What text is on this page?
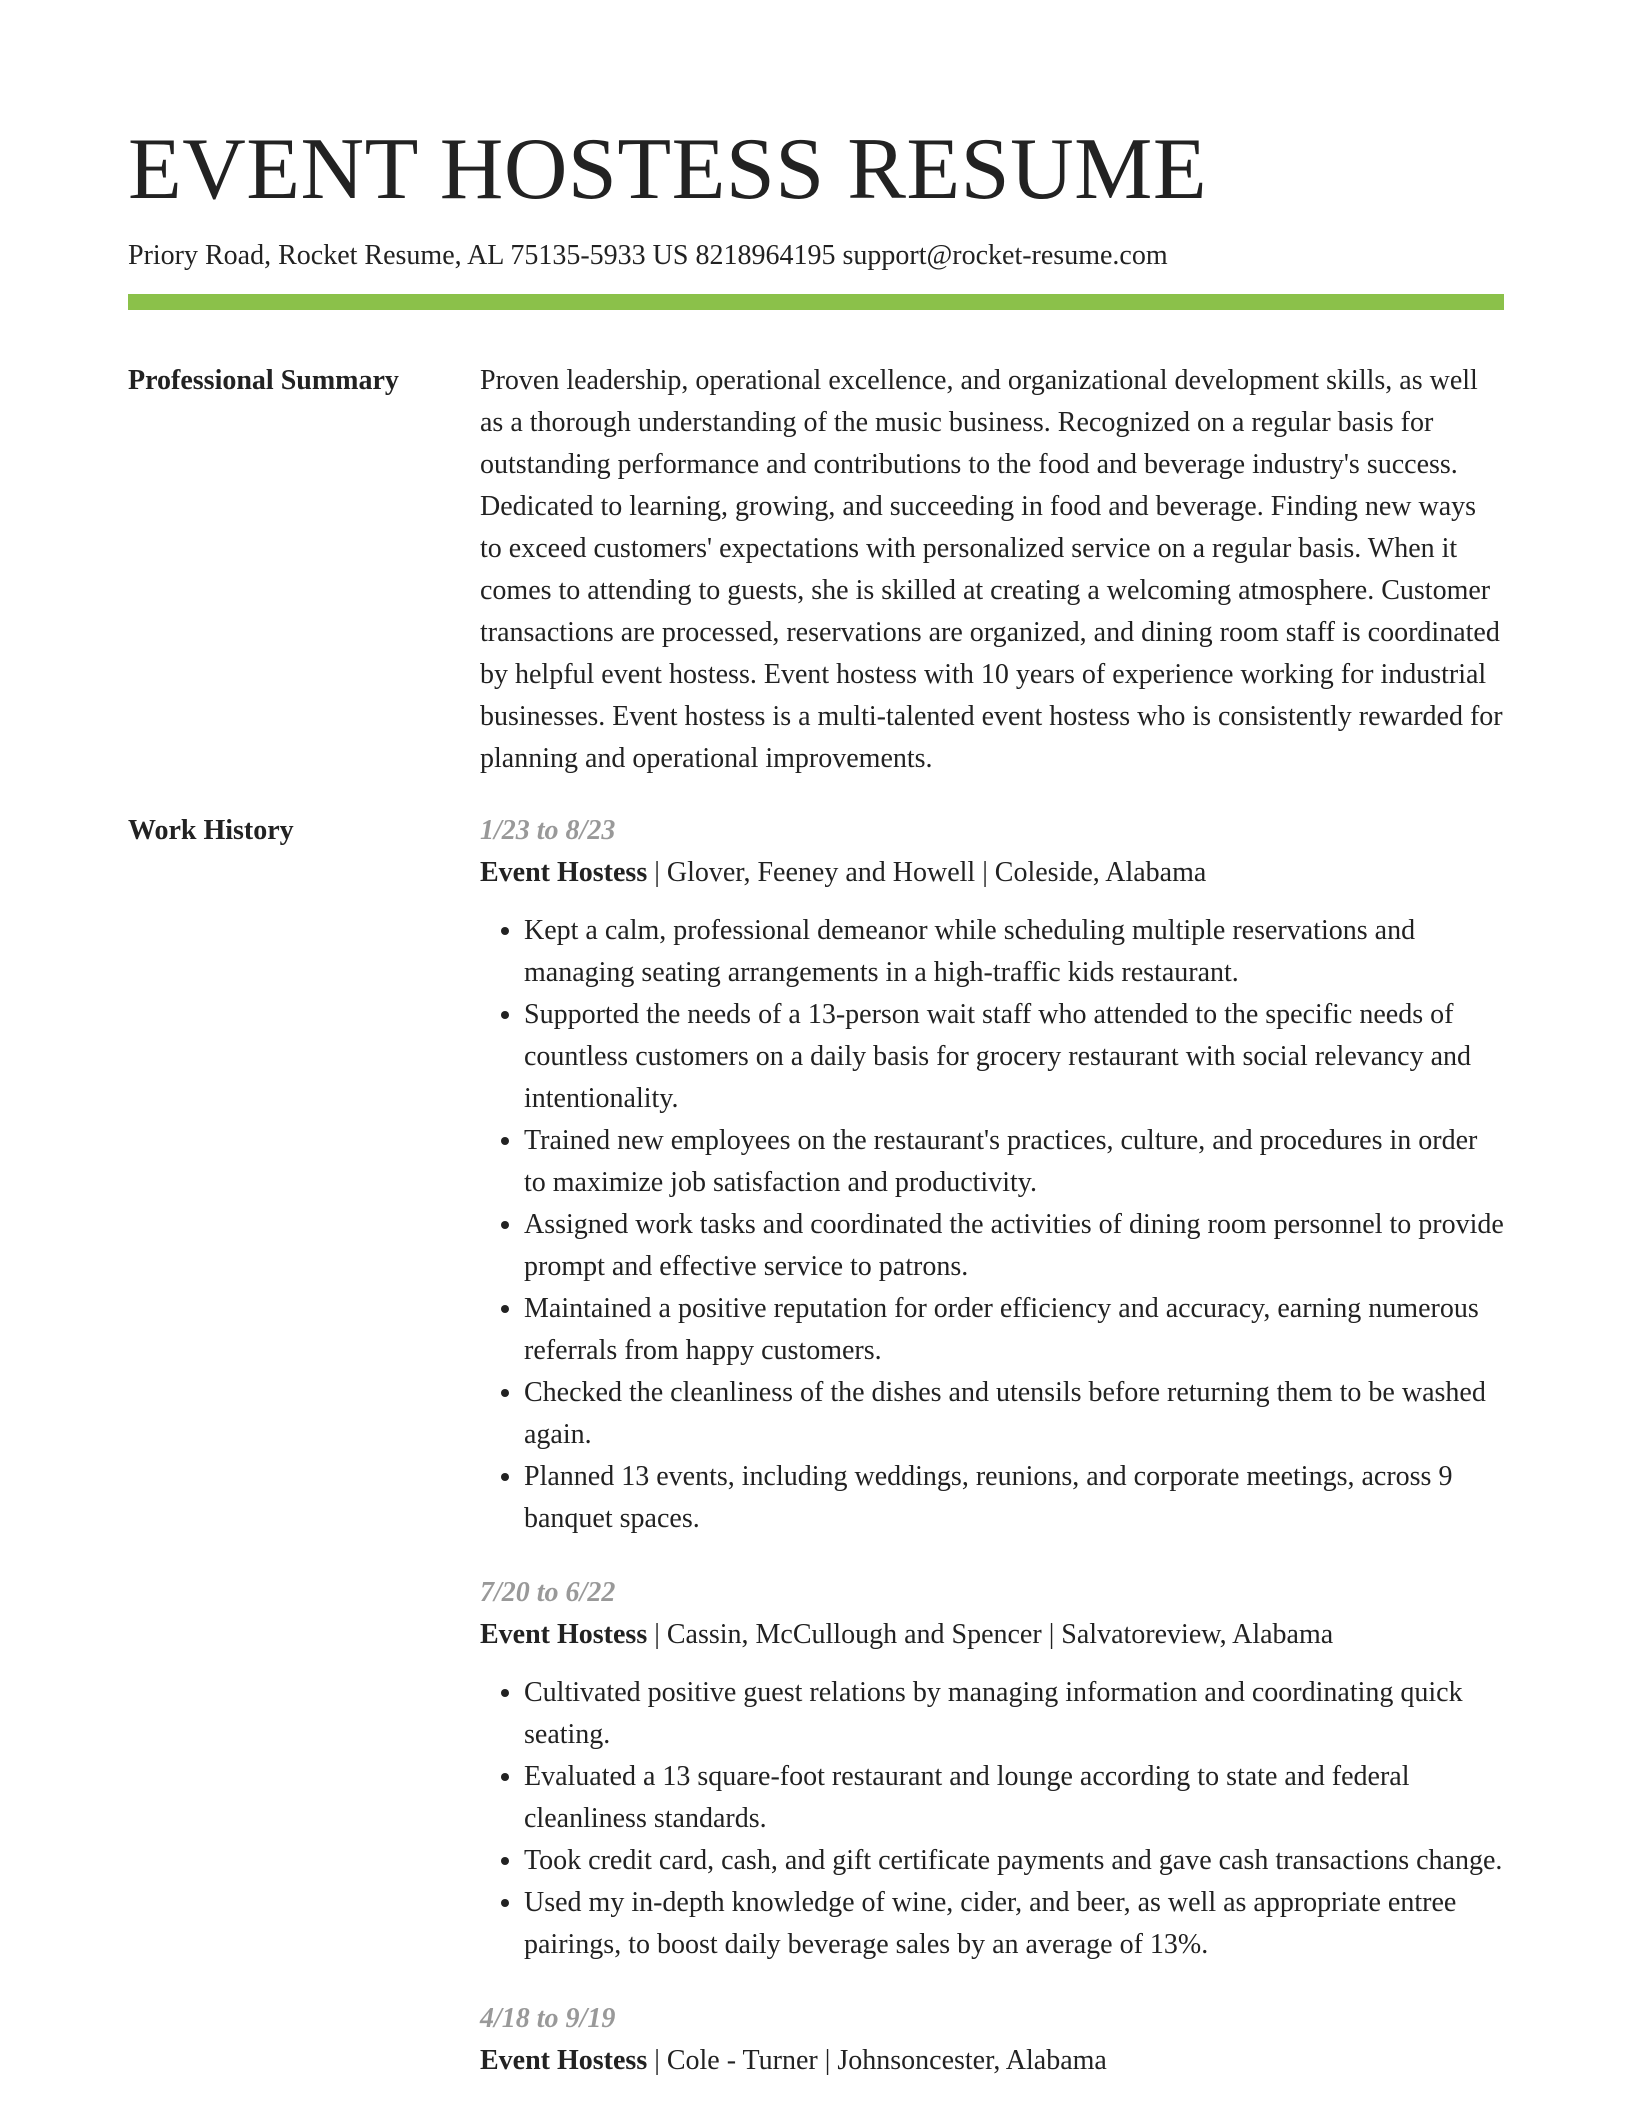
EVENT HOSTESS RESUME
Priory Road, Rocket Resume, AL 75135-5933 US 8218964195 support@rocket-resume.com
Professional Summary	Proven leadership, operational excellence, and organizational development skills, as well as a thorough understanding of the music business. Recognized on a regular basis for outstanding performance and contributions to the food and beverage industry's success. Dedicated to learning, growing, and succeeding in food and beverage. Finding new ways to exceed customers' expectations with personalized service on a regular basis. When it comes to attending to guests, she is skilled at creating a welcoming atmosphere. Customer transactions are processed, reservations are organized, and dining room staff is coordinated by helpful event hostess. Event hostess with 10 years of experience working for industrial businesses. Event hostess is a multi-talented event hostess who is consistently rewarded for planning and operational improvements.
Work History	1/23 to 8/23
Event Hostess | Glover, Feeney and Howell | Coleside, Alabama
• Kept a calm, professional demeanor while scheduling multiple reservations and managing seating arrangements in a high-traffic kids restaurant.
• Supported the needs of a 13-person wait staff who attended to the specific needs of countless customers on a daily basis for grocery restaurant with social relevancy and intentionality.
• Trained new employees on the restaurant's practices, culture, and procedures in order to maximize job satisfaction and productivity.
• Assigned work tasks and coordinated the activities of dining room personnel to provide prompt and effective service to patrons.
• Maintained a positive reputation for order efficiency and accuracy, earning numerous referrals from happy customers.
• Checked the cleanliness of the dishes and utensils before returning them to be washed again.
• Planned 13 events, including weddings, reunions, and corporate meetings, across 9 banquet spaces.
7/20 to 6/22
Event Hostess | Cassin, McCullough and Spencer | Salvatoreview, Alabama
• Cultivated positive guest relations by managing information and coordinating quick seating.
• Evaluated a 13 square-foot restaurant and lounge according to state and federal cleanliness standards.
• Took credit card, cash, and gift certificate payments and gave cash transactions change.
• Used my in-depth knowledge of wine, cider, and beer, as well as appropriate entree pairings, to boost daily beverage sales by an average of 13%.
4/18 to 9/19
Event Hostess | Cole - Turner | Johnsoncester, Alabama
